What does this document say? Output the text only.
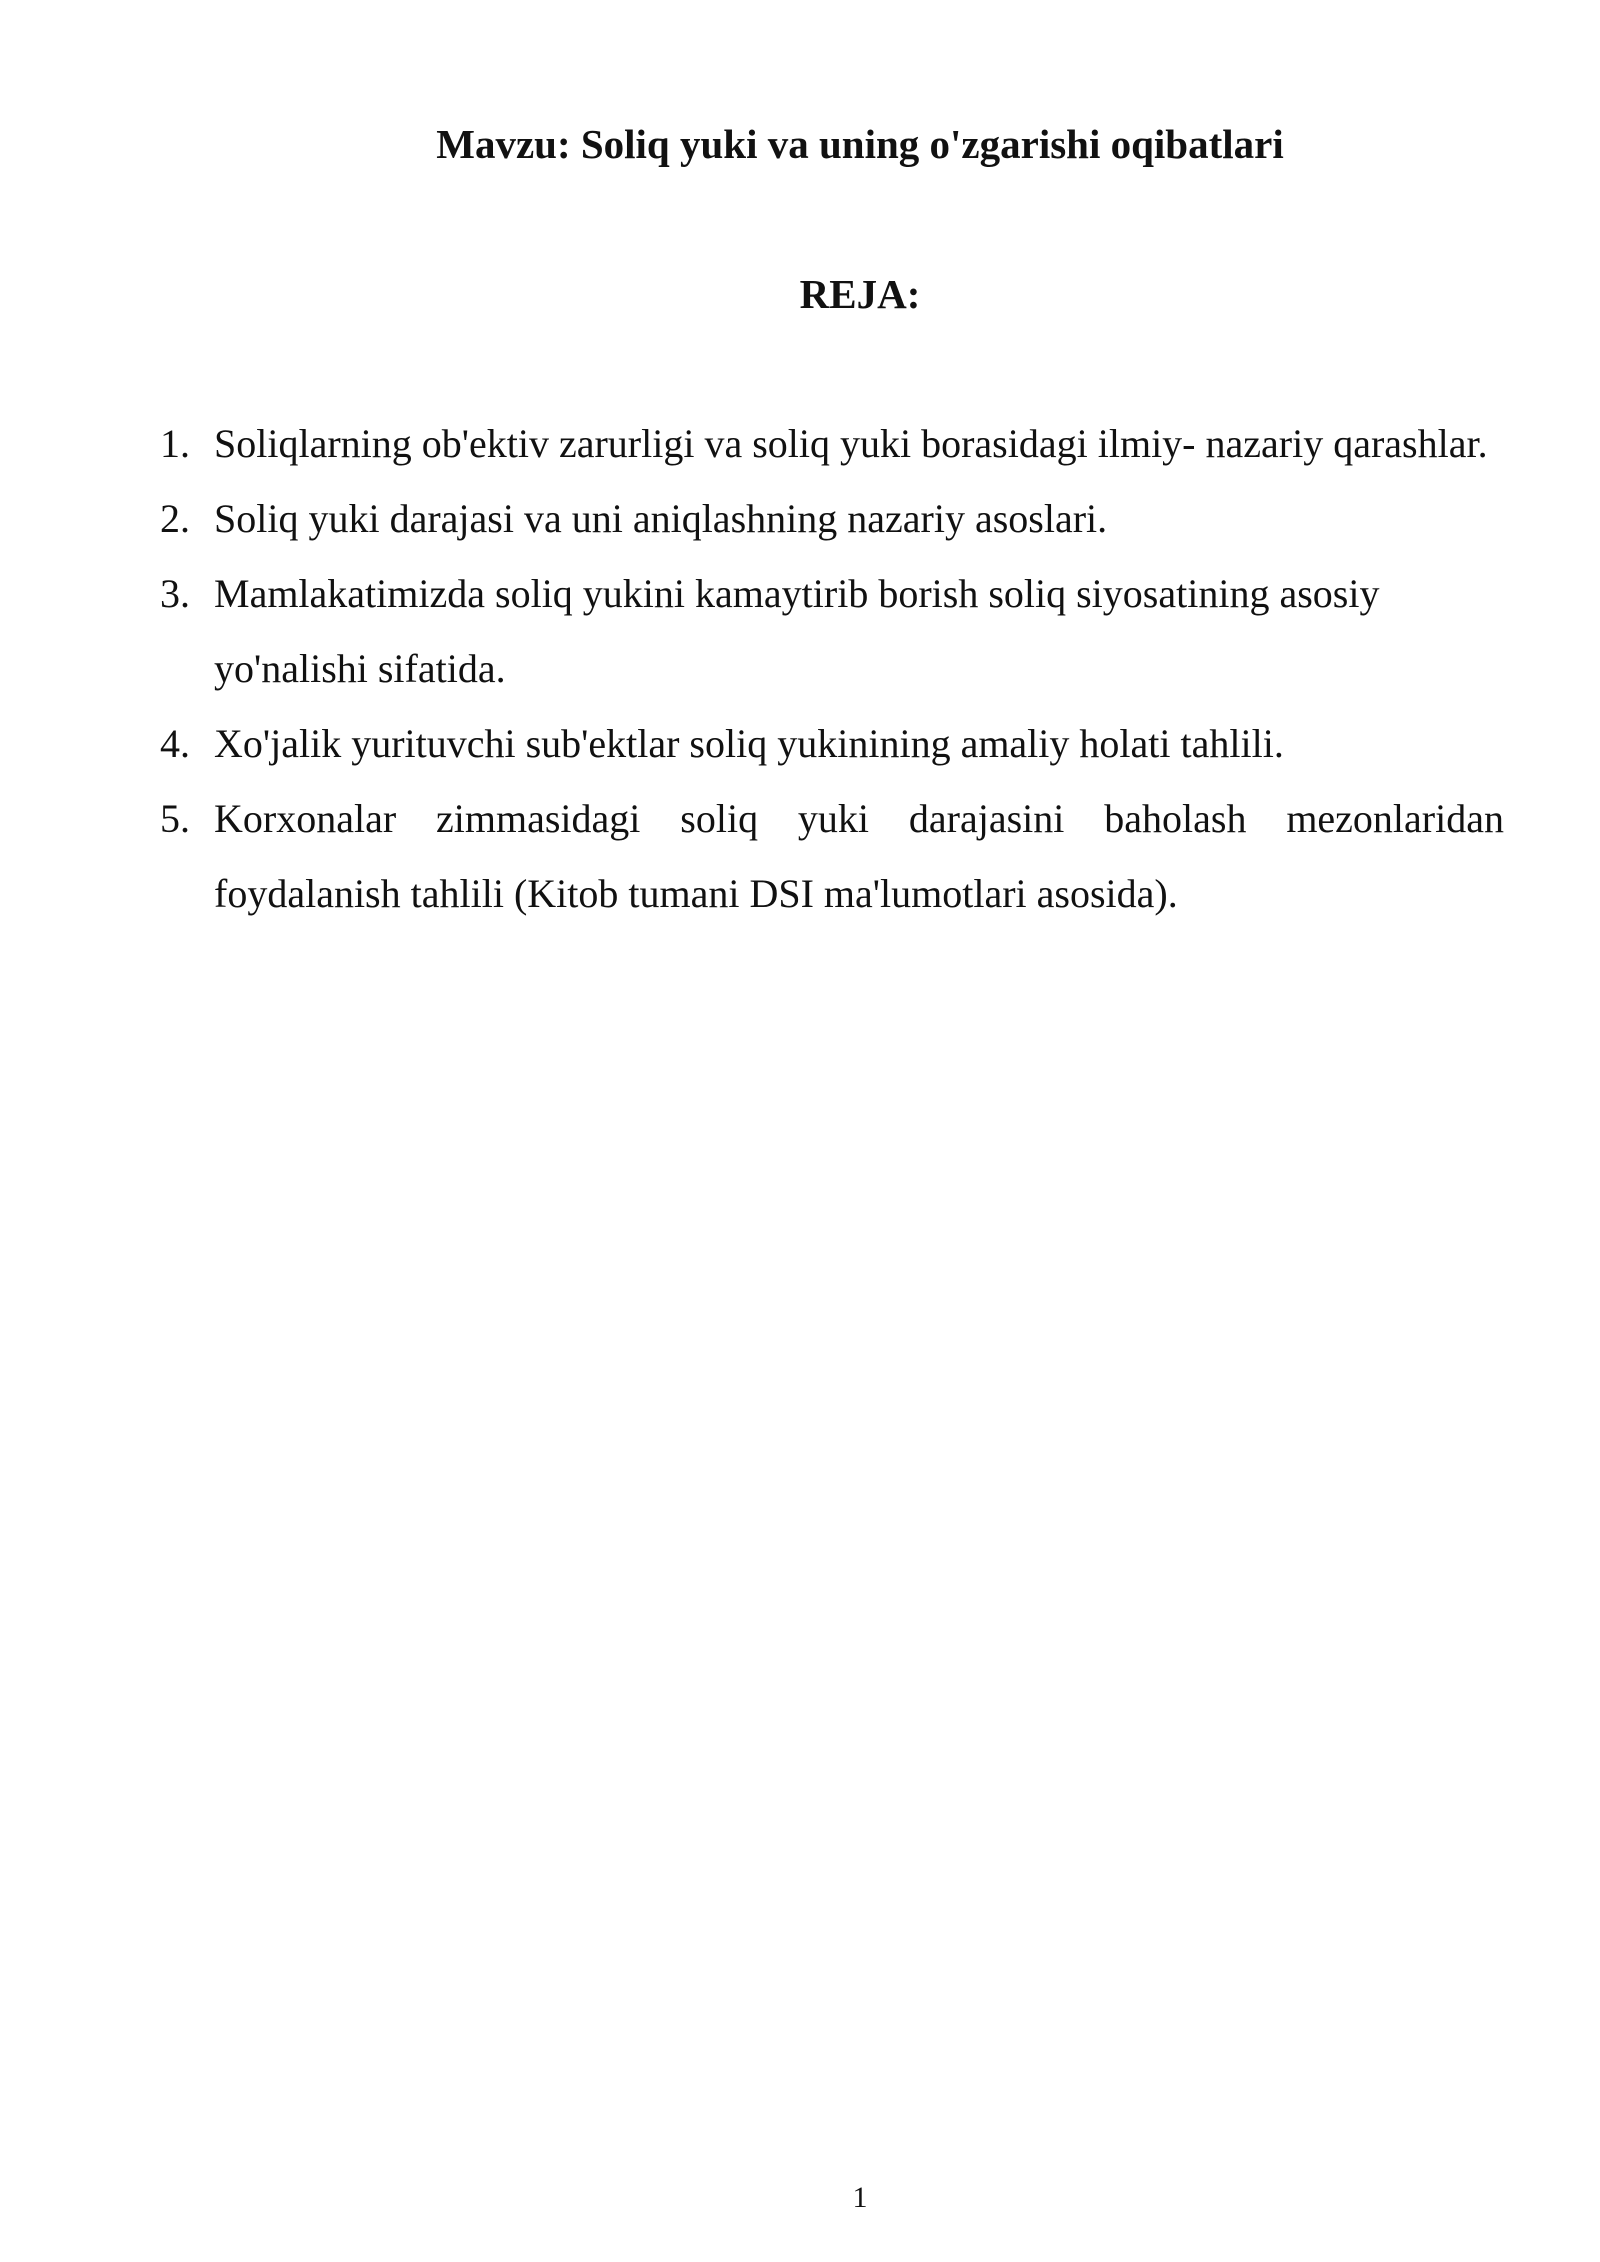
Mavzu: Soliq yuki va uning o'zgarishi oqibatlari
REJA:
1. Soliqlarning ob'ektiv zarurligi va soliq yuki borasidagi ilmiy- nazariy qarashlar.
2. Soliq yuki darajasi va uni aniqlashning nazariy asoslari.
3. Mamlakatimizda soliq yukini kamaytirib borish soliq siyosatining asosiy yo'nalishi sifatida.
4. Xo'jalik yurituvchi sub'ektlar soliq yukinining amaliy holati tahlili.
5. Korxonalar zimmasidagi soliq yuki darajasini baholash mezonlaridan foydalanish tahlili (Kitob tumani DSI ma'lumotlari asosida).
1
